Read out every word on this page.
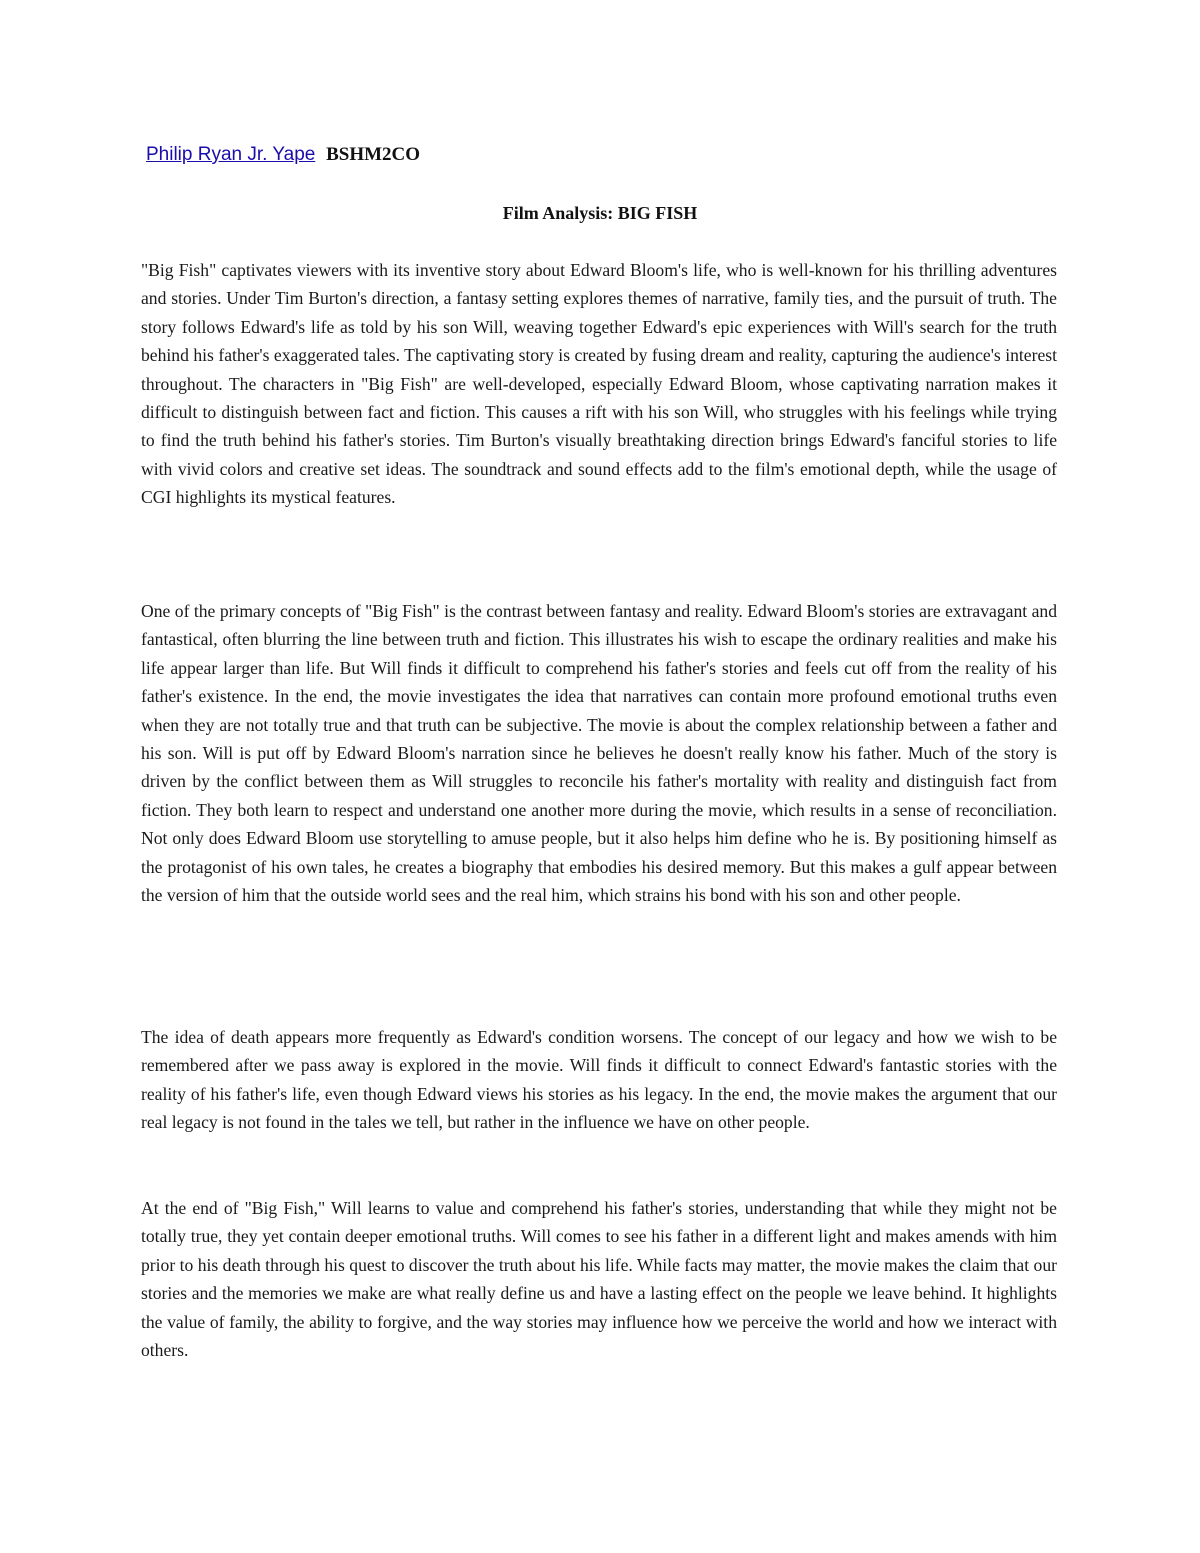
Philip Ryan Jr. Yape BSHM2CO
Film Analysis: BIG FISH

"Big Fish" captivates viewers with its inventive story about Edward Bloom's life, who is well-known for his thrilling adventures and stories. Under Tim Burton's direction, a fantasy setting explores themes of narrative, family ties, and the pursuit of truth. The story follows Edward's life as told by his son Will, weaving together Edward's epic experiences with Will's search for the truth behind his father's exaggerated tales. The captivating story is created by fusing dream and reality, capturing the audience's interest throughout. The characters in "Big Fish" are well-developed, especially Edward Bloom, whose captivating narration makes it difficult to distinguish between fact and fiction. This causes a rift with his son Will, who struggles with his feelings while trying to find the truth behind his father's stories. Tim Burton's visually breathtaking direction brings Edward's fanciful stories to life with vivid colors and creative set ideas. The soundtrack and sound effects add to the film's emotional depth, while the usage of CGI highlights its mystical features.

One of the primary concepts of "Big Fish" is the contrast between fantasy and reality. Edward Bloom's stories are extravagant and fantastical, often blurring the line between truth and fiction. This illustrates his wish to escape the ordinary realities and make his life appear larger than life. But Will finds it difficult to comprehend his father's stories and feels cut off from the reality of his father's existence. In the end, the movie investigates the idea that narratives can contain more profound emotional truths even when they are not totally true and that truth can be subjective. The movie is about the complex relationship between a father and his son. Will is put off by Edward Bloom's narration since he believes he doesn't really know his father. Much of the story is driven by the conflict between them as Will struggles to reconcile his father's mortality with reality and distinguish fact from fiction. They both learn to respect and understand one another more during the movie, which results in a sense of reconciliation. Not only does Edward Bloom use storytelling to amuse people, but it also helps him define who he is. By positioning himself as the protagonist of his own tales, he creates a biography that embodies his desired memory. But this makes a gulf appear between the version of him that the outside world sees and the real him, which strains his bond with his son and other people.

The idea of death appears more frequently as Edward's condition worsens. The concept of our legacy and how we wish to be remembered after we pass away is explored in the movie. Will finds it difficult to connect Edward's fantastic stories with the reality of his father's life, even though Edward views his stories as his legacy. In the end, the movie makes the argument that our real legacy is not found in the tales we tell, but rather in the influence we have on other people.

At the end of "Big Fish," Will learns to value and comprehend his father's stories, understanding that while they might not be totally true, they yet contain deeper emotional truths. Will comes to see his father in a different light and makes amends with him prior to his death through his quest to discover the truth about his life. While facts may matter, the movie makes the claim that our stories and the memories we make are what really define us and have a lasting effect on the people we leave behind. It highlights the value of family, the ability to forgive, and the way stories may influence how we perceive the world and how we interact with others.
